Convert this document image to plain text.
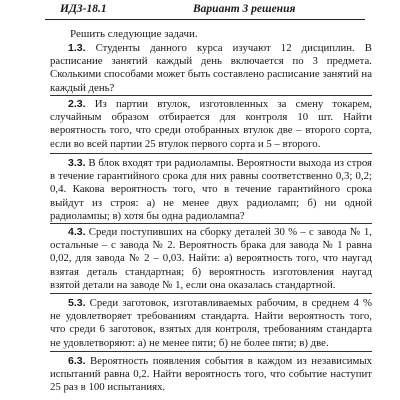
ИДЗ-18.1	Вариант 3 решения
Решить следующие задачи.
1.3. Студенты данного курса изучают 12 дисциплин. В расписание занятий каждый день включается по 3 предмета. Сколькими способами может быть составлено расписание занятий на каждый день?
2.3. Из партии втулок, изготовленных за смену токарем, случайным образом отбирается для контроля 10 шт. Найти вероятность того, что среди отобранных втулок две – второго сорта, если во всей партии 25 втулок первого сорта и 5 – второго.
3.3. В блок входят три радиолампы. Вероятности выхода из строя в течение гарантийного срока для них равны соответственно 0,3; 0,2; 0,4. Какова вероятность того, что в течение гарантийного срока выйдут из строя: а) не менее двух радиоламп; б) ни одной радиолампы; в) хотя бы одна радиолампа?
4.3. Среди поступивших на сборку деталей 30 % – с завода № 1, остальные – с завода № 2. Вероятность брака для завода № 1 равна 0,02, для завода № 2 – 0,03. Найти: а) вероятность того, что наугад взятая деталь стандартная; б) вероятность изготовления наугад взятой детали на заводе № 1, если она оказалась стандартной.
5.3. Среди заготовок, изготавливаемых рабочим, в среднем 4 % не удовлетворяет требованиям стандарта. Найти вероятность того, что среди 6 заготовок, взятых для контроля, требованиям стандарта не удовлетворяют: а) не менее пяти; б) не более пяти; в) две.
6.3. Вероятность появления события в каждом из независимых испытаний равна 0,2. Найти вероятность того, что событие наступит 25 раз в 100 испытаниях.
